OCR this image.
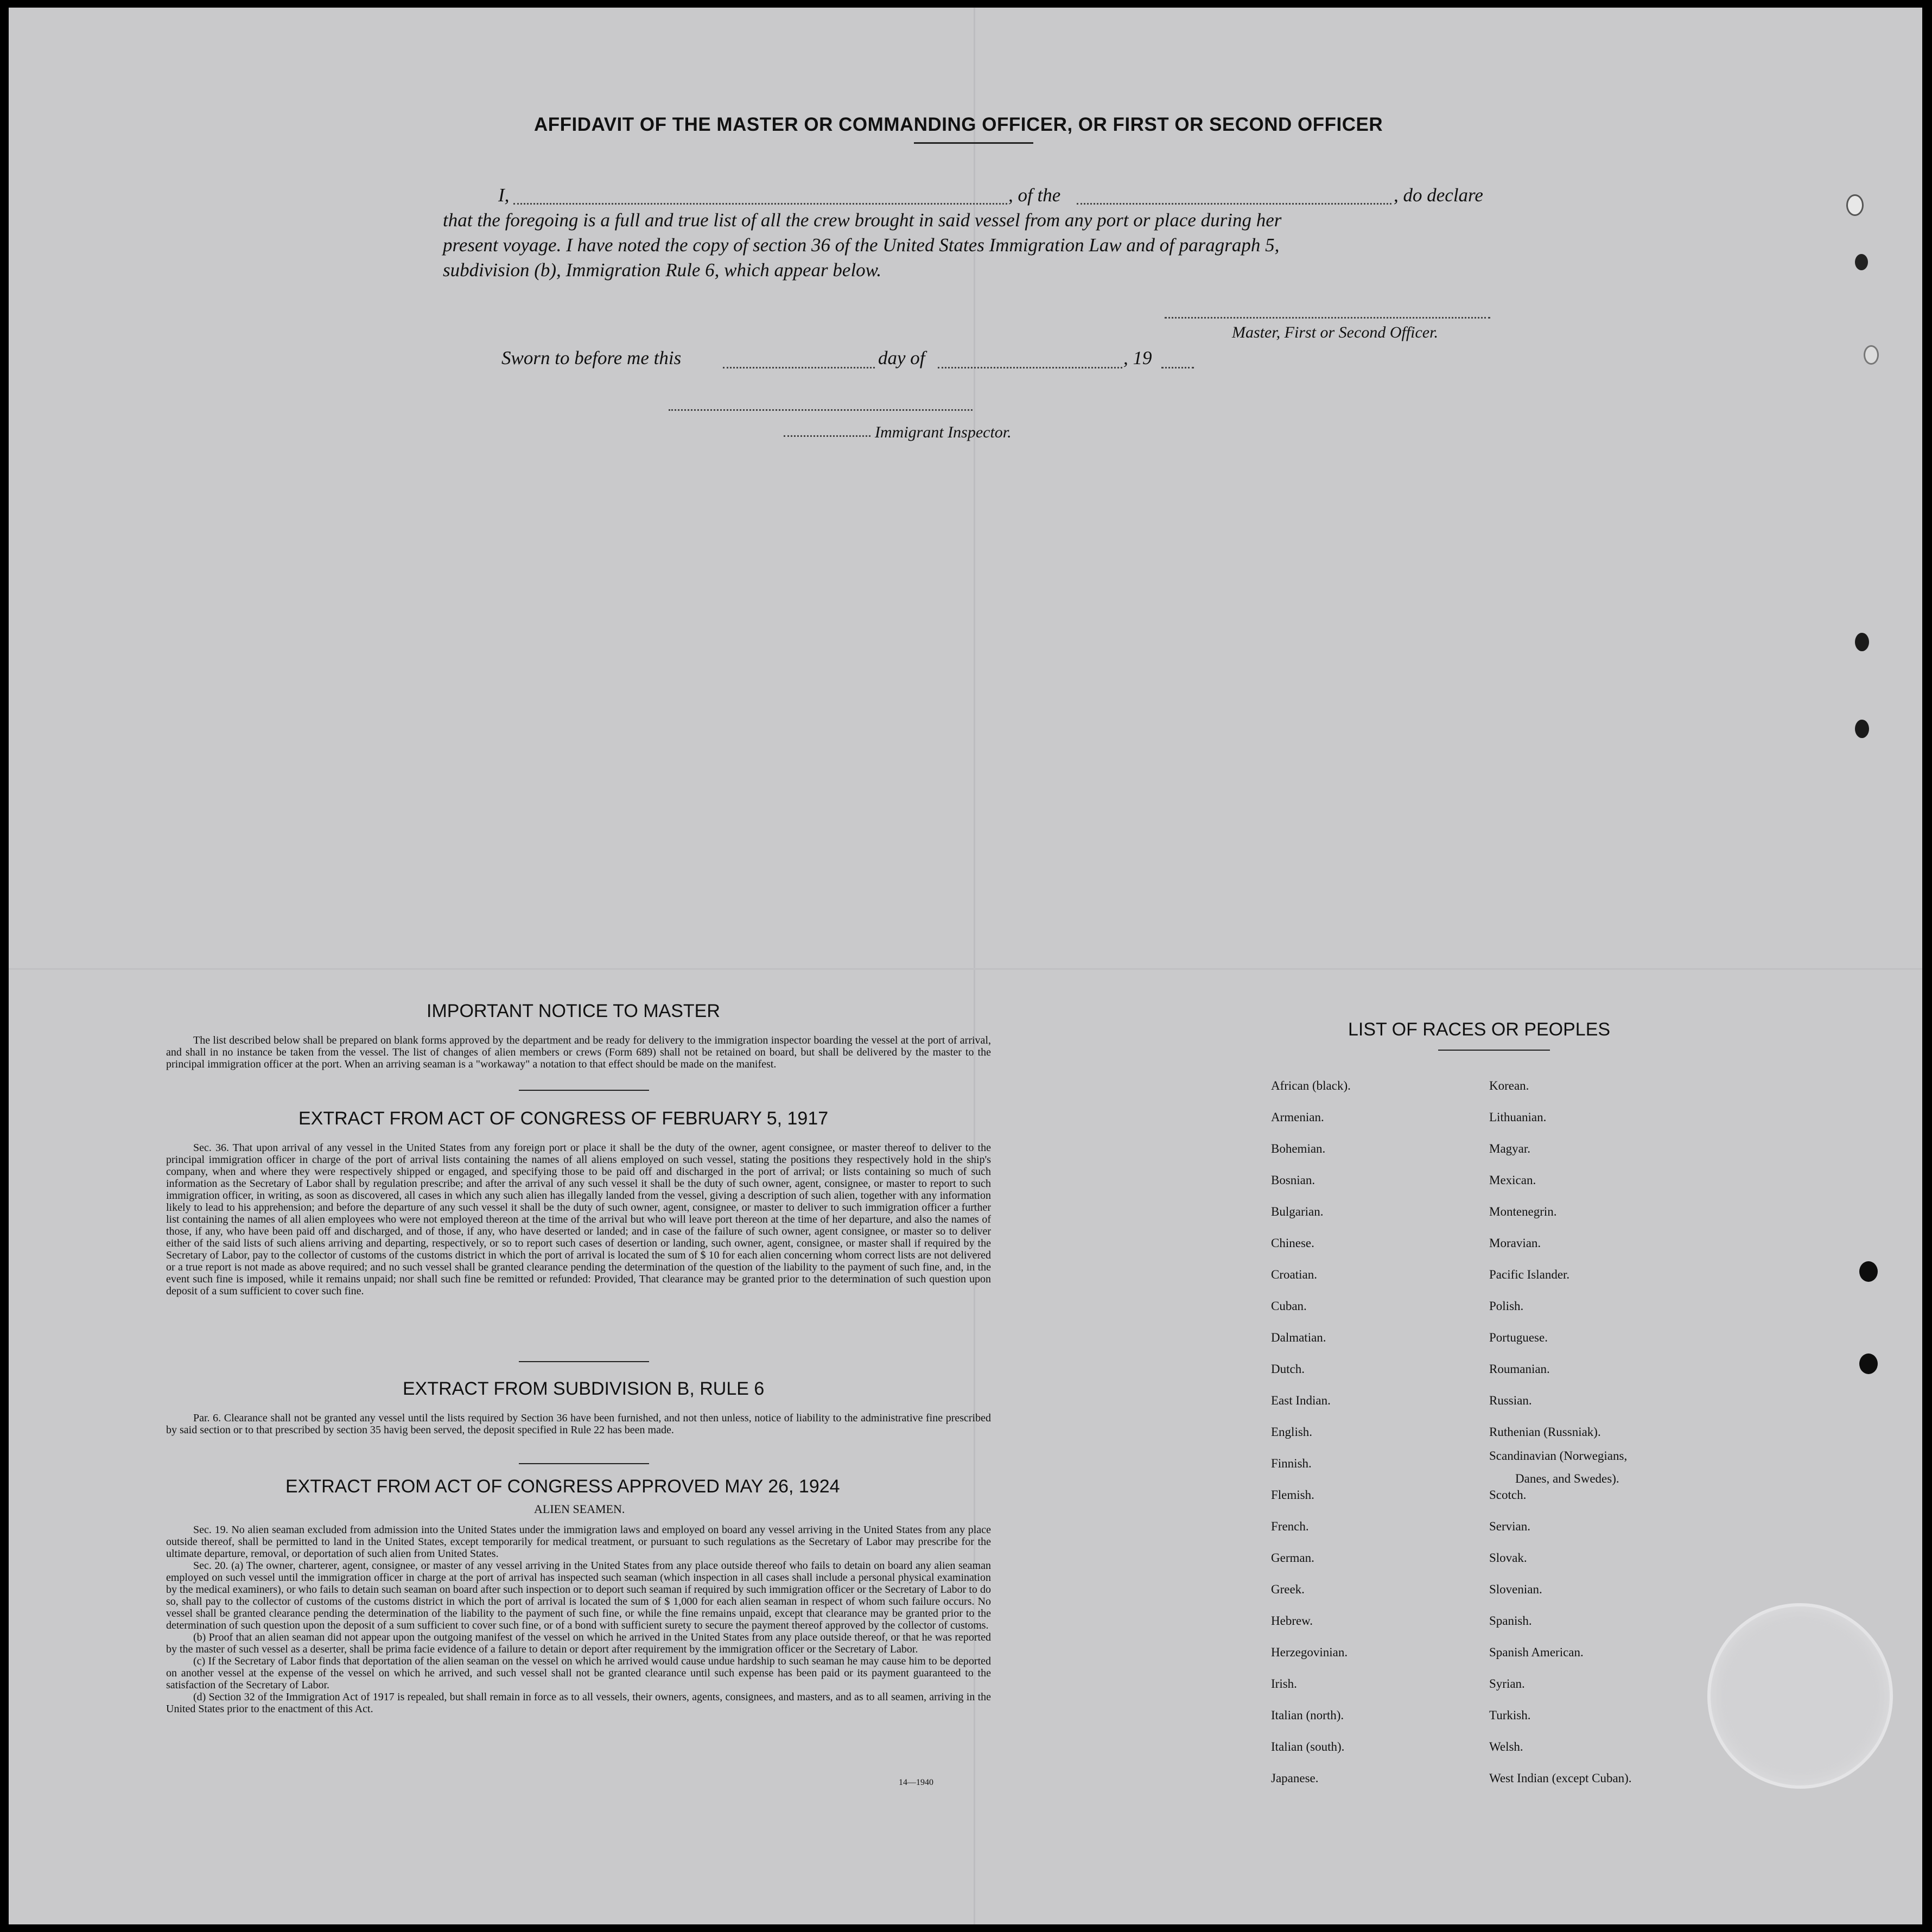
AFFIDAVIT OF THE MASTER OR COMMANDING OFFICER, OR FIRST OR SECOND OFFICER
I,	, of the	, do declare
that the foregoing is a full and true list of all the crew brought in said vessel from any port or place during her
present voyage. I have noted the copy of section 36 of the United States Immigration Law and of paragraph 5,
subdivision (b), Immigration Rule 6, which appear below.
Master, First or Second Officer.
Sworn to before me this	day of	, 19
Immigrant Inspector.
IMPORTANT NOTICE TO MASTER

The list described below shall be prepared on blank forms approved by the department and be ready for delivery to the immigration inspector boarding the vessel at the port of arrival, and shall in no instance be taken from the vessel. The list of changes of alien members or crews (Form 689) shall not be retained on board, but shall be delivered by the master to the principal immigration officer at the port. When an arriving seaman is a "workaway" a notation to that effect should be made on the manifest.

EXTRACT FROM ACT OF CONGRESS OF FEBRUARY 5, 1917

Sec. 36. That upon arrival of any vessel in the United States from any foreign port or place it shall be the duty of the owner, agent consignee, or master thereof to deliver to the principal immigration officer in charge of the port of arrival lists containing the names of all aliens employed on such vessel, stating the positions they respectively hold in the ship's company, when and where they were respectively shipped or engaged, and specifying those to be paid off and discharged in the port of arrival; or lists containing so much of such information as the Secretary of Labor shall by regulation prescribe; and after the arrival of any such vessel it shall be the duty of such owner, agent, consignee, or master to report to such immigration officer, in writing, as soon as discovered, all cases in which any such alien has illegally landed from the vessel, giving a description of such alien, together with any information likely to lead to his apprehension; and before the departure of any such vessel it shall be the duty of such owner, agent, consignee, or master to deliver to such immigration officer a further list containing the names of all alien employees who were not employed thereon at the time of the arrival but who will leave port thereon at the time of her departure, and also the names of those, if any, who have been paid off and discharged, and of those, if any, who have deserted or landed; and in case of the failure of such owner, agent consignee, or master so to deliver either of the said lists of such aliens arriving and departing, respectively, or so to report such cases of desertion or landing, such owner, agent, consignee, or master shall if required by the Secretary of Labor, pay to the collector of customs of the customs district in which the port of arrival is located the sum of $ 10 for each alien concerning whom correct lists are not delivered or a true report is not made as above required; and no such vessel shall be granted clearance pending the determination of the question of the liability to the payment of such fine, and, in the event such fine is imposed, while it remains unpaid; nor shall such fine be remitted or refunded: Provided, That clearance may be granted prior to the determination of such question upon deposit of a sum sufficient to cover such fine.

EXTRACT FROM SUBDIVISION B, RULE 6

Par. 6. Clearance shall not be granted any vessel until the lists required by Section 36 have been furnished, and not then unless, notice of liability to the administrative fine prescribed by said section or to that prescribed by section 35 havig been served, the deposit specified in Rule 22 has been made.

EXTRACT FROM ACT OF CONGRESS APPROVED MAY 26, 1924
ALIEN SEAMEN.

Sec. 19. No alien seaman excluded from admission into the United States under the immigration laws and employed on board any vessel arriving in the United States from any place outside thereof, shall be permitted to land in the United States, except temporarily for medical treatment, or pursuant to such regulations as the Secretary of Labor may prescribe for the ultimate departure, removal, or deportation of such alien from United States.

Sec. 20. (a) The owner, charterer, agent, consignee, or master of any vessel arriving in the United States from any place outside thereof who fails to detain on board any alien seaman employed on such vessel until the immigration officer in charge at the port of arrival has inspected such seaman (which inspection in all cases shall include a personal physical examination by the medical examiners), or who fails to detain such seaman on board after such inspection or to deport such seaman if required by such immigration officer or the Secretary of Labor to do so, shall pay to the collector of customs of the customs district in which the port of arrival is located the sum of $ 1,000 for each alien seaman in respect of whom such failure occurs. No vessel shall be granted clearance pending the determination of the liability to the payment of such fine, or while the fine remains unpaid, except that clearance may be granted prior to the determination of such question upon the deposit of a sum sufficient to cover such fine, or of a bond with sufficient surety to secure the payment thereof approved by the collector of customs.

(b) Proof that an alien seaman did not appear upon the outgoing manifest of the vessel on which he arrived in the United States from any place outside thereof, or that he was reported by the master of such vessel as a deserter, shall be prima facie evidence of a failure to detain or deport after requirement by the immigration officer or the Secretary of Labor.

(c) If the Secretary of Labor finds that deportation of the alien seaman on the vessel on which he arrived would cause undue hardship to such seaman he may cause him to be deported on another vessel at the expense of the vessel on which he arrived, and such vessel shall not be granted clearance until such expense has been paid or its payment guaranteed to the satisfaction of the Secretary of Labor.

(d) Section 32 of the Immigration Act of 1917 is repealed, but shall remain in force as to all vessels, their owners, agents, consignees, and masters, and as to all seamen, arriving in the United States prior to the enactment of this Act.

14—1940
LIST OF RACES OR PEOPLES
African (black).
Armenian.
Bohemian.
Bosnian.
Bulgarian.
Chinese.
Croatian.
Cuban.
Dalmatian.
Dutch.
East Indian.
English.
Finnish.
Flemish.
French.
German.
Greek.
Hebrew.
Herzegovinian.
Irish.
Italian (north).
Italian (south).
Japanese.
Korean.
Lithuanian.
Magyar.
Mexican.
Montenegrin.
Moravian.
Pacific Islander.
Polish.
Portuguese.
Roumanian.
Russian.
Ruthenian (Russniak).
Scandinavian (Norwegians,
Danes, and Swedes).
Scotch.
Servian.
Slovak.
Slovenian.
Spanish.
Spanish American.
Syrian.
Turkish.
Welsh.
West Indian (except Cuban).
